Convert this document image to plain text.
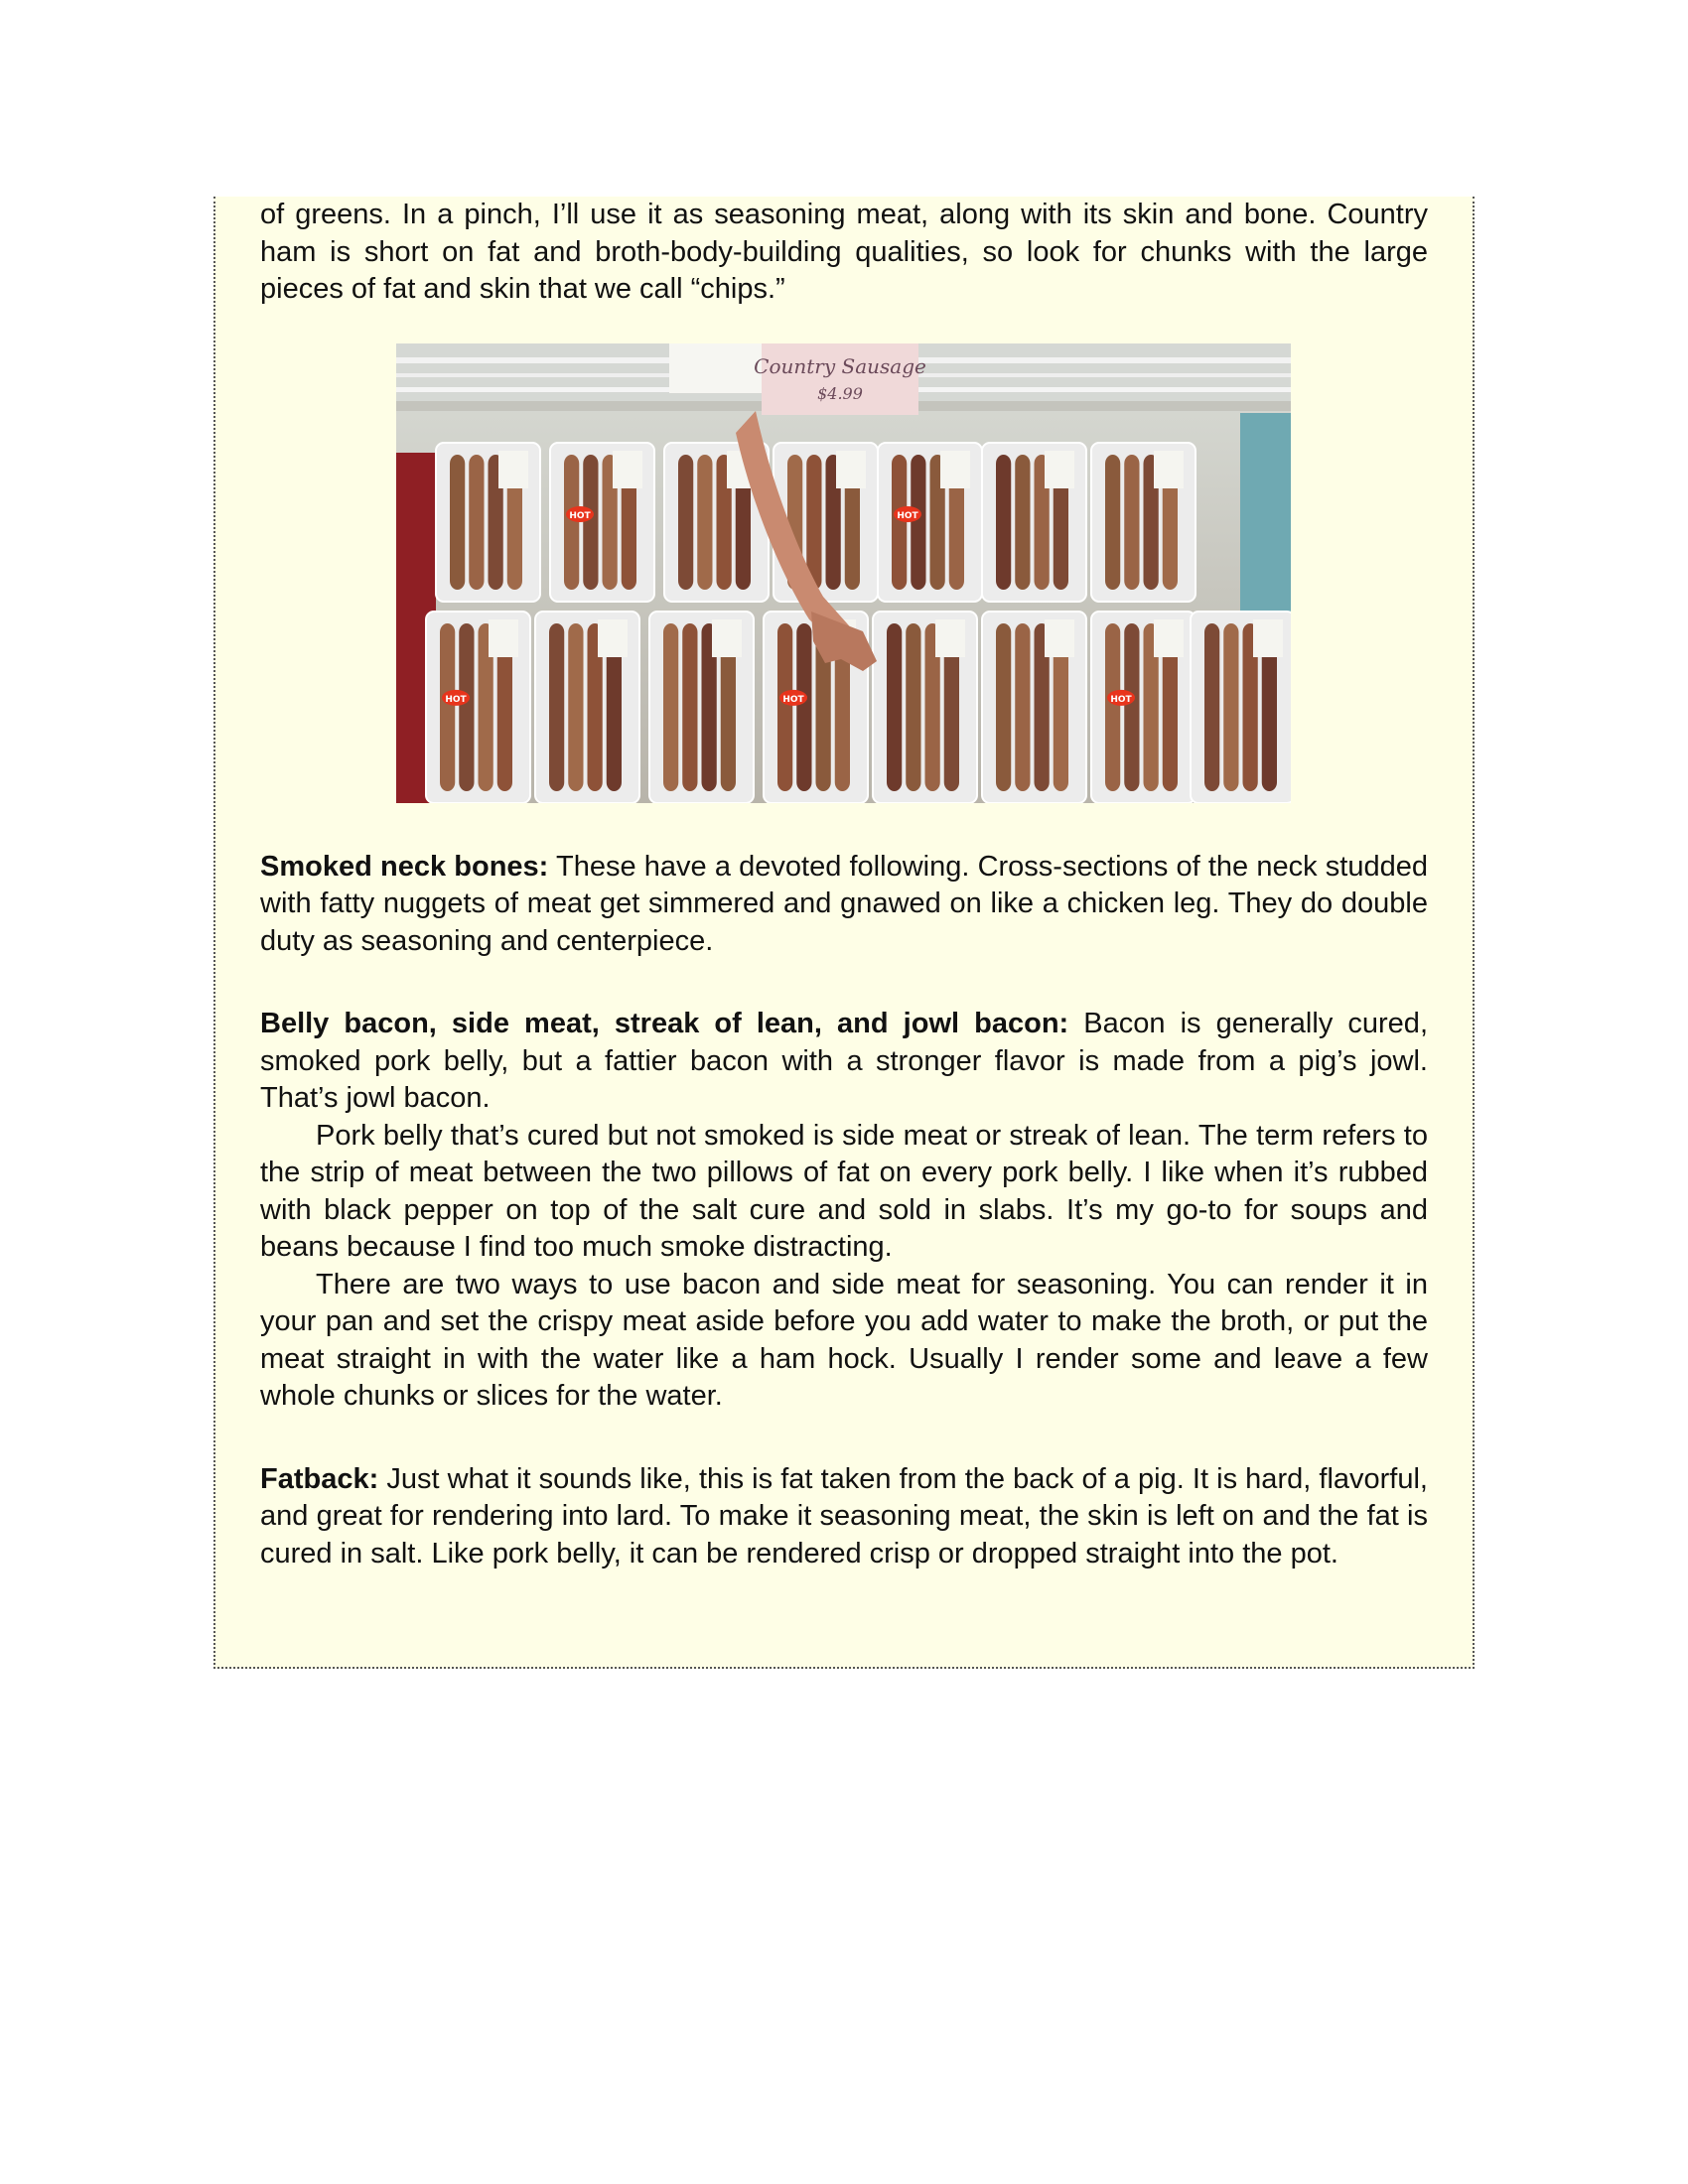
of greens. In a pinch, I’ll use it as seasoning meat, along with its skin and bone. Country ham is short on fat and broth-body-building qualities, so look for chunks with the large pieces of fat and skin that we call “chips.”

HOT	HOT
HOT	HOT	HOT
Country Sausage
$4.99

Smoked neck bones: These have a devoted following. Cross-sections of the neck studded with fatty nuggets of meat get simmered and gnawed on like a chicken leg. They do double duty as seasoning and centerpiece.

Belly bacon, side meat, streak of lean, and jowl bacon: Bacon is generally cured, smoked pork belly, but a fattier bacon with a stronger flavor is made from a pig’s jowl. That’s jowl bacon.

Pork belly that’s cured but not smoked is side meat or streak of lean. The term refers to the strip of meat between the two pillows of fat on every pork belly. I like when it’s rubbed with black pepper on top of the salt cure and sold in slabs. It’s my go-to for soups and beans because I find too much smoke distracting.

There are two ways to use bacon and side meat for seasoning. You can render it in your pan and set the crispy meat aside before you add water to make the broth, or put the meat straight in with the water like a ham hock. Usually I render some and leave a few whole chunks or slices for the water.

Fatback: Just what it sounds like, this is fat taken from the back of a pig. It is hard, flavorful, and great for rendering into lard. To make it seasoning meat, the skin is left on and the fat is cured in salt. Like pork belly, it can be rendered crisp or dropped straight into the pot.
